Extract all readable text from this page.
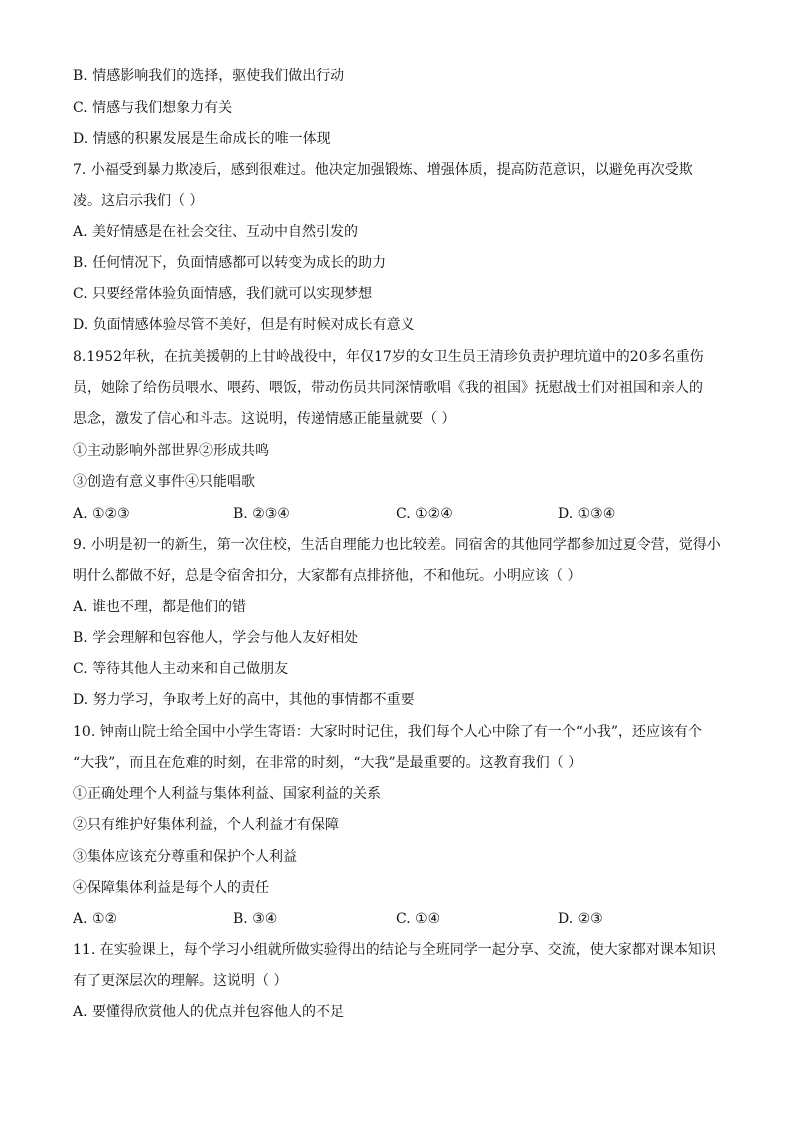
B. 情感影响我们的选择，驱使我们做出行动
C. 情感与我们想象力有关
D. 情感的积累发展是生命成长的唯一体现
7. 小福受到暴力欺凌后，感到很难过。他决定加强锻炼、增强体质，提高防范意识，以避免再次受欺
凌。这启示我们（ ）
A. 美好情感是在社会交往、互动中自然引发的
B. 任何情况下，负面情感都可以转变为成长的助力
C. 只要经常体验负面情感，我们就可以实现梦想
D. 负面情感体验尽管不美好，但是有时候对成长有意义
8.1952年秋，在抗美援朝的上甘岭战役中，年仅17岁的女卫生员王清珍负责护理坑道中的20多名重伤
员，她除了给伤员喂水、喂药、喂饭，带动伤员共同深情歌唱《我的祖国》抚慰战士们对祖国和亲人的
思念，激发了信心和斗志。这说明，传递情感正能量就要（ ）
①主动影响外部世界②形成共鸣
③创造有意义事件④只能唱歌
A. ①②③	B. ②③④	C. ①②④	D. ①③④
9. 小明是初一的新生，第一次住校，生活自理能力也比较差。同宿舍的其他同学都参加过夏令营，觉得小
明什么都做不好，总是令宿舍扣分，大家都有点排挤他，不和他玩。小明应该（ ）
A. 谁也不理，都是他们的错
B. 学会理解和包容他人，学会与他人友好相处
C. 等待其他人主动来和自己做朋友
D. 努力学习，争取考上好的高中，其他的事情都不重要
10. 钟南山院士给全国中小学生寄语：大家时时记住，我们每个人心中除了有一个“小我”，还应该有个
“大我”，而且在危难的时刻，在非常的时刻，“大我”是最重要的。这教育我们（ ）
①正确处理个人利益与集体利益、国家利益的关系
②只有维护好集体利益，个人利益才有保障
③集体应该充分尊重和保护个人利益
④保障集体利益是每个人的责任
A. ①②	B. ③④	C. ①④	D. ②③
11. 在实验课上，每个学习小组就所做实验得出的结论与全班同学一起分享、交流，使大家都对课本知识
有了更深层次的理解。这说明（ ）
A. 要懂得欣赏他人的优点并包容他人的不足
